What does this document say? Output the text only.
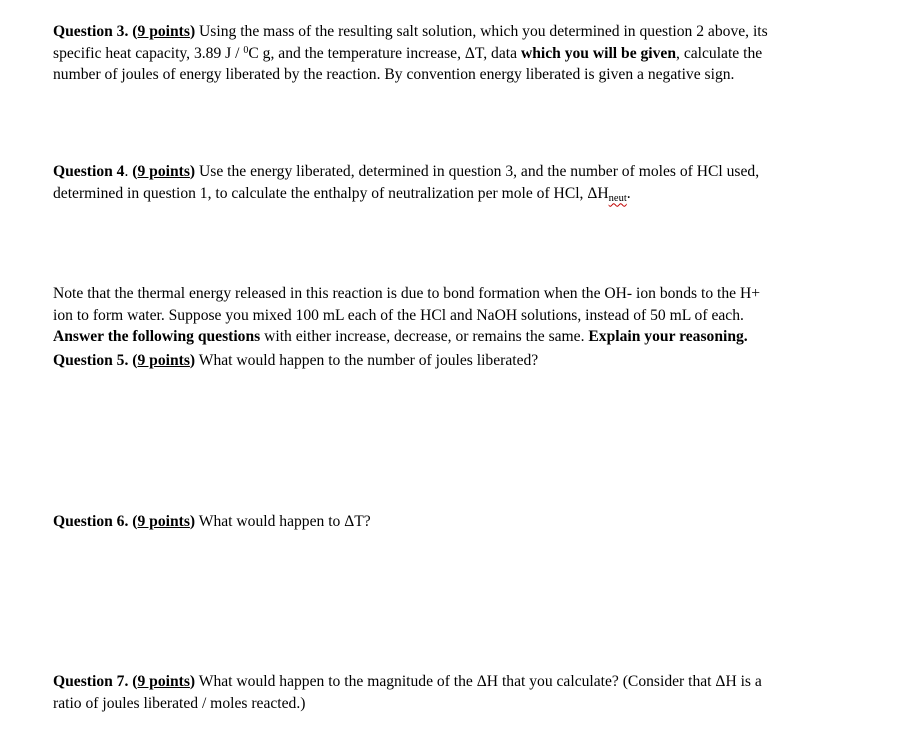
Question 3. (9 points) Using the mass of the resulting salt solution, which you determined in question 2 above, its
specific heat capacity, 3.89 J / $^0$C g, and the temperature increase, ΔT, data which you will be given, calculate the
number of joules of energy liberated by the reaction. By convention energy liberated is given a negative sign.
Question 4. (9 points) Use the energy liberated, determined in question 3, and the number of moles of HCl used,
determined in question 1, to calculate the enthalpy of neutralization per mole of HCl, ΔHneut.
Note that the thermal energy released in this reaction is due to bond formation when the OH- ion bonds to the H+
ion to form water. Suppose you mixed 100 mL each of the HCl and NaOH solutions, instead of 50 mL of each.
Answer the following questions with either increase, decrease, or remains the same. Explain your reasoning.
Question 5. (9 points) What would happen to the number of joules liberated?
Question 6. (9 points) What would happen to ΔT?
Question 7. (9 points) What would happen to the magnitude of the ΔH that you calculate? (Consider that ΔH is a
ratio of joules liberated / moles reacted.)
